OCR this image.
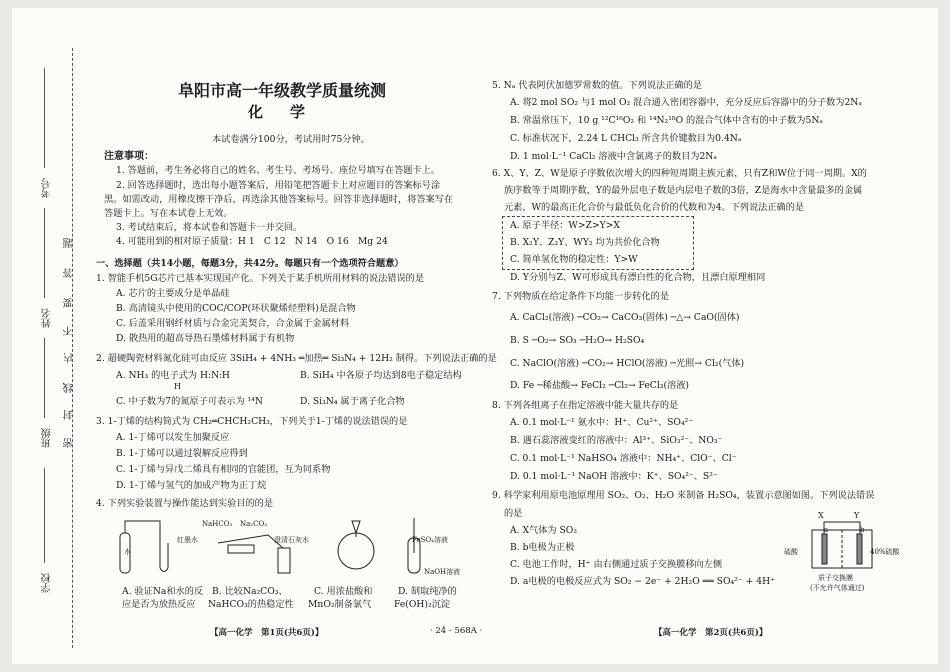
考号
姓名
班级
学校
题
答
要
不
内
线
封
密
阜阳市高一年级教学质量统测
化　学
本试卷满分100分，考试用时75分钟。
注意事项：
1. 答题前，考生务必将自己的姓名、考生号、考场号、座位号填写在答题卡上。
2. 回答选择题时，选出每小题答案后，用铅笔把答题卡上对应题目的答案标号涂
黑。如需改动，用橡皮擦干净后，再选涂其他答案标号。回答非选择题时，将答案写在
答题卡上。写在本试卷上无效。
3. 考试结束后，将本试卷和答题卡一并交回。
4. 可能用到的相对原子质量：H 1　C 12　N 14　O 16　Mg 24
一、选择题（共14小题，每题3分，共42分。每题只有一个选项符合题意）
1. 智能手机5G芯片已基本实现国产化。下列关于某手机所用材料的说法错误的是
A. 芯片的主要成分是单晶硅
B. 高清镜头中使用的COC/COP(环状聚烯烃塑料)是混合物
C. 后盖采用钢纤材质与合金完美契合，合金属于金属材料
D. 散热用的超高导热石墨烯材料属于有机物
2. 超硬陶瓷材料氮化硅可由反应 3SiH₄ + 4NH₃ ═加热═ Si₃N₄ + 12H₂ 制得。下列说法正确的是
A. NH₃ 的电子式为 H:N:H
H
B. SiH₄ 中各原子均达到8电子稳定结构
C. 中子数为7的氮原子可表示为 ¹⁴N	D. Si₃N₄ 属于离子化合物
3. 1-丁烯的结构简式为 CH₂═CHCH₂CH₃，下列关于1-丁烯的说法错误的是
A. 1-丁烯可以发生加聚反应
B. 1-丁烯可以通过裂解反应得到
C. 1-丁烯与异戊二烯具有相同的官能团，互为同系物
D. 1-丁烯与氢气的加成产物为正丁烷
4. 下列实验装置与操作能达到实验目的的是
水
红墨水
NaHCO₃ Na₂CO₃
澄清石灰水	FeSO₄溶液
NaOH溶液
A. 验证Na和水的反
应是否为放热反应
B. 比较Na₂CO₃、
NaHCO₃的热稳定性
C. 用浓盐酸和
MnO₂制备氯气
D. 制取纯净的
Fe(OH)₂沉淀
【高一化学　第1页(共6页)】	· 24 - 568A ·
5. Nₐ 代表阿伏加德罗常数的值。下列说法正确的是
A. 将2 mol SO₂ 与1 mol O₂ 混合通入密闭容器中，充分反应后容器中的分子数为2Nₐ
B. 常温常压下，10 g ¹²C¹⁶O₂ 和 ¹⁴N₂¹⁸O 的混合气体中含有的中子数为5Nₐ
C. 标准状况下，2.24 L CHCl₃ 所含共价键数目为0.4Nₐ
D. 1 mol·L⁻¹ CaCl₂ 溶液中含氯离子的数目为2Nₐ
6. X、Y、Z、W是原子序数依次增大的四种短周期主族元素，只有Z和W位于同一周期。X的
族序数等于周期序数，Y的最外层电子数是内层电子数的3倍，Z是海水中含量最多的金属
元素，W的最高正化合价与最低负化合价的代数和为4。下列说法正确的是
A. 原子半径：W>Z>Y>X
B. X₂Y、Z₂Y、WY₂ 均为共价化合物
C. 简单氢化物的稳定性：Y>W
D. Y分别与Z、W可形成具有漂白性的化合物，且漂白原理相同
7. 下列物质在给定条件下均能一步转化的是
A. CaCl₂(溶液) ─CO₂→ CaCO₃(固体) ─△→ CaO(固体)
B. S ─O₂→ SO₃ ─H₂O→ H₂SO₄
C. NaClO(溶液) ─CO₂→ HClO(溶液) ─光照→ Cl₂(气体)
D. Fe ─稀盐酸→ FeCl₂ ─Cl₂→ FeCl₃(溶液)
8. 下列各组离子在指定溶液中能大量共存的是
A. 0.1 mol·L⁻¹ 氨水中：H⁺、Cu²⁺、SO₄²⁻
B. 遇石蕊溶液变红的溶液中：Al³⁺、SiO₃²⁻、NO₃⁻
C. 0.1 mol·L⁻¹ NaHSO₄ 溶液中：NH₄⁺、ClO⁻、Cl⁻
D. 0.1 mol·L⁻¹ NaOH 溶液中：K⁺、SO₄²⁻、S²⁻
9. 科学家利用原电池原理用 SO₂、O₂、H₂O 来制备 H₂SO₄，装置示意图如图。下列说法错误
的是
A. X气体为 SO₂
B. b电极为正极
C. 电池工作时，H⁺ 由右侧通过质子交换膜移向左侧
D. a电极的电极反应式为 SO₂ − 2e⁻ + 2H₂O ══ SO₄²⁻ + 4H⁺
X	Y
a	b
硫酸	40%硫酸
质子交换膜
(不允许气体通过)
【高一化学　第2页(共6页)】
